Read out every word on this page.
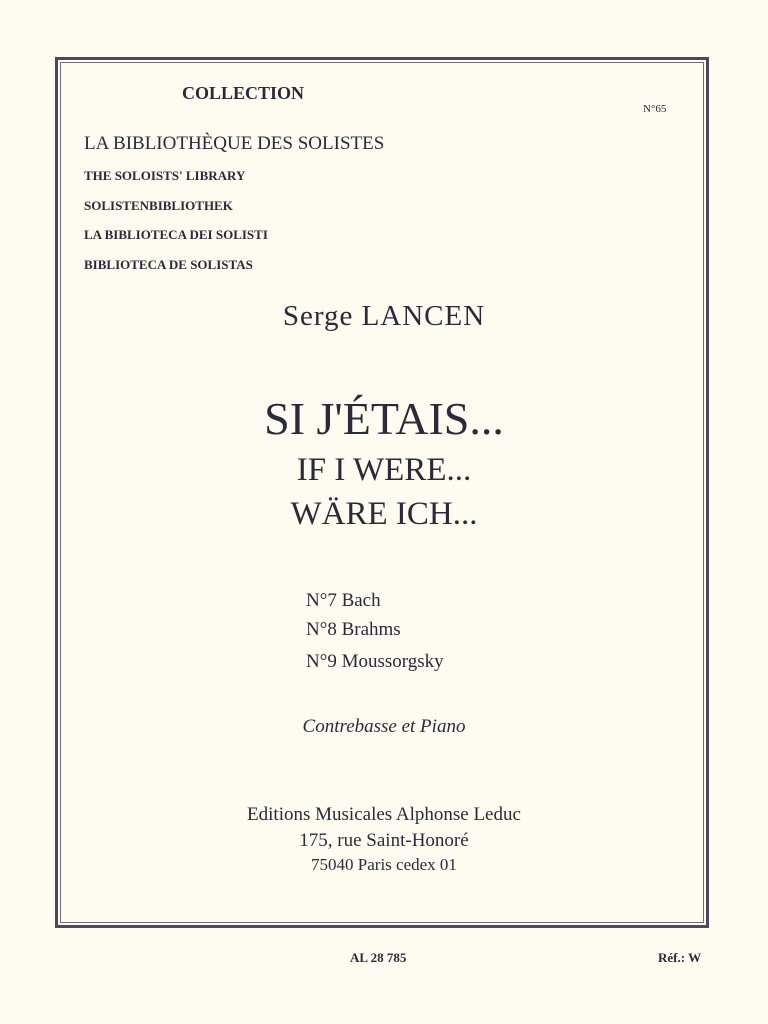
COLLECTION
N°65
LA BIBLIOTHÈQUE DES SOLISTES
THE SOLOISTS' LIBRARY
SOLISTENBIBLIOTHEK
LA BIBLIOTECA DEI SOLISTI
BIBLIOTECA DE SOLISTAS
Serge LANCEN
SI J'ÉTAIS...
IF I WERE...
WÄRE ICH...
N°7 Bach
N°8 Brahms
N°9 Moussorgsky
Contrebasse et Piano
Editions Musicales Alphonse Leduc
175, rue Saint-Honoré
75040 Paris cedex 01
AL 28 785	Réf.: W
